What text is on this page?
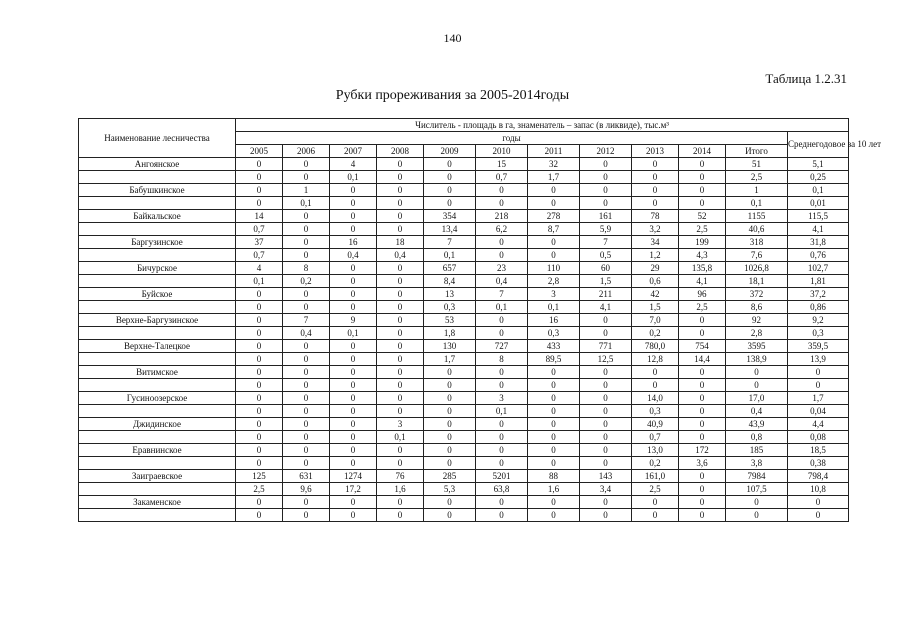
140
Таблица 1.2.31
Рубки прореживания за 2005-2014годы
Наименование лесничества	Числитель - площадь в га, знаменатель – запас (в ликвиде), тыс.м³											
	годы											Среднегодовое за 10 лет
	2005	2006	2007	2008	2009	2010	2011	2012	2013	2014	Итого	
Ангоянское	0	0	4	0	0	15	32	0	0	0	51	5,1
	0	0	0,1	0	0	0,7	1,7	0	0	0	2,5	0,25
Бабушкинское	0	1	0	0	0	0	0	0	0	0	1	0,1
	0	0,1	0	0	0	0	0	0	0	0	0,1	0,01
Байкальское	14	0	0	0	354	218	278	161	78	52	1155	115,5
	0,7	0	0	0	13,4	6,2	8,7	5,9	3,2	2,5	40,6	4,1
Баргузинское	37	0	16	18	7	0	0	7	34	199	318	31,8
	0,7	0	0,4	0,4	0,1	0	0	0,5	1,2	4,3	7,6	0,76
Бичурское	4	8	0	0	657	23	110	60	29	135,8	1026,8	102,7
	0,1	0,2	0	0	8,4	0,4	2,8	1,5	0,6	4,1	18,1	1,81
Буйское	0	0	0	0	13	7	3	211	42	96	372	37,2
	0	0	0	0	0,3	0,1	0,1	4,1	1,5	2,5	8,6	0,86
Верхне-Баргузинское	0	7	9	0	53	0	16	0	7,0	0	92	9,2
	0	0,4	0,1	0	1,8	0	0,3	0	0,2	0	2,8	0,3
Верхне-Талецкое	0	0	0	0	130	727	433	771	780,0	754	3595	359,5
	0	0	0	0	1,7	8	89,5	12,5	12,8	14,4	138,9	13,9
Витимское	0	0	0	0	0	0	0	0	0	0	0	0
	0	0	0	0	0	0	0	0	0	0	0	0
Гусиноозерское	0	0	0	0	0	3	0	0	14,0	0	17,0	1,7
	0	0	0	0	0	0,1	0	0	0,3	0	0,4	0,04
Джидинское	0	0	0	3	0	0	0	0	40,9	0	43,9	4,4
	0	0	0	0,1	0	0	0	0	0,7	0	0,8	0,08
Еравнинское	0	0	0	0	0	0	0	0	13,0	172	185	18,5
	0	0	0	0	0	0	0	0	0,2	3,6	3,8	0,38
Заиграевское	125	631	1274	76	285	5201	88	143	161,0	0	7984	798,4
	2,5	9,6	17,2	1,6	5,3	63,8	1,6	3,4	2,5	0	107,5	10,8
Закаменское	0	0	0	0	0	0	0	0	0	0	0	0
	0	0	0	0	0	0	0	0	0	0	0	0
